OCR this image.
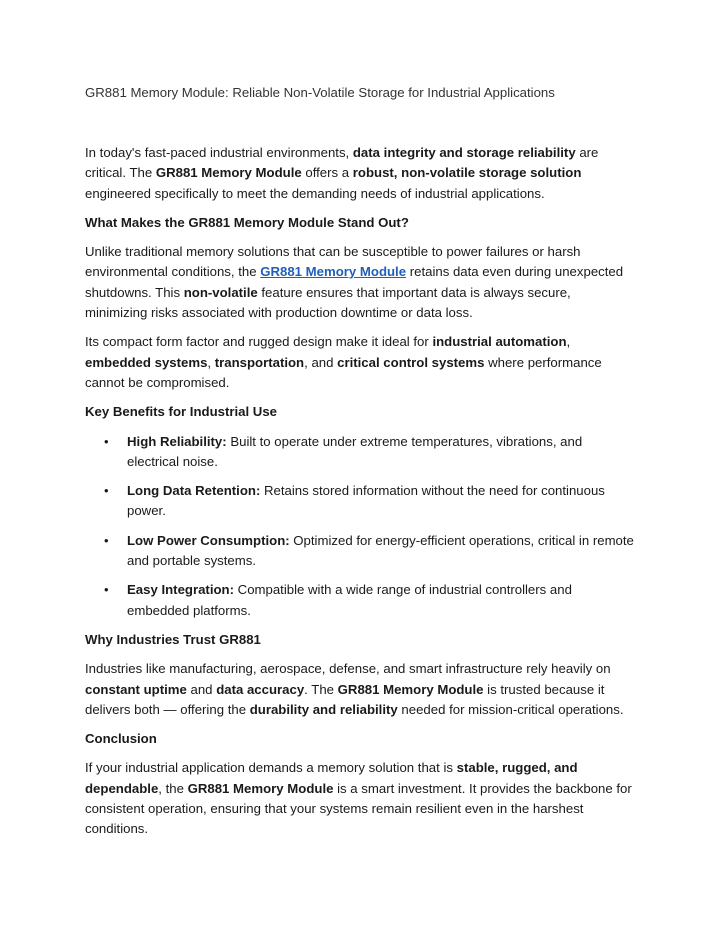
GR881 Memory Module: Reliable Non-Volatile Storage for Industrial Applications

In today's fast-paced industrial environments, data integrity and storage reliability are critical. The GR881 Memory Module offers a robust, non-volatile storage solution engineered specifically to meet the demanding needs of industrial applications.

What Makes the GR881 Memory Module Stand Out?

Unlike traditional memory solutions that can be susceptible to power failures or harsh environmental conditions, the GR881 Memory Module retains data even during unexpected shutdowns. This non-volatile feature ensures that important data is always secure, minimizing risks associated with production downtime or data loss.

Its compact form factor and rugged design make it ideal for industrial automation, embedded systems, transportation, and critical control systems where performance cannot be compromised.

Key Benefits for Industrial Use
• High Reliability: Built to operate under extreme temperatures, vibrations, and electrical noise.
• Long Data Retention: Retains stored information without the need for continuous power.
• Low Power Consumption: Optimized for energy-efficient operations, critical in remote and portable systems.
• Easy Integration: Compatible with a wide range of industrial controllers and embedded platforms.
Why Industries Trust GR881

Industries like manufacturing, aerospace, defense, and smart infrastructure rely heavily on constant uptime and data accuracy. The GR881 Memory Module is trusted because it delivers both — offering the durability and reliability needed for mission-critical operations.

Conclusion

If your industrial application demands a memory solution that is stable, rugged, and dependable, the GR881 Memory Module is a smart investment. It provides the backbone for consistent operation, ensuring that your systems remain resilient even in the harshest conditions.
